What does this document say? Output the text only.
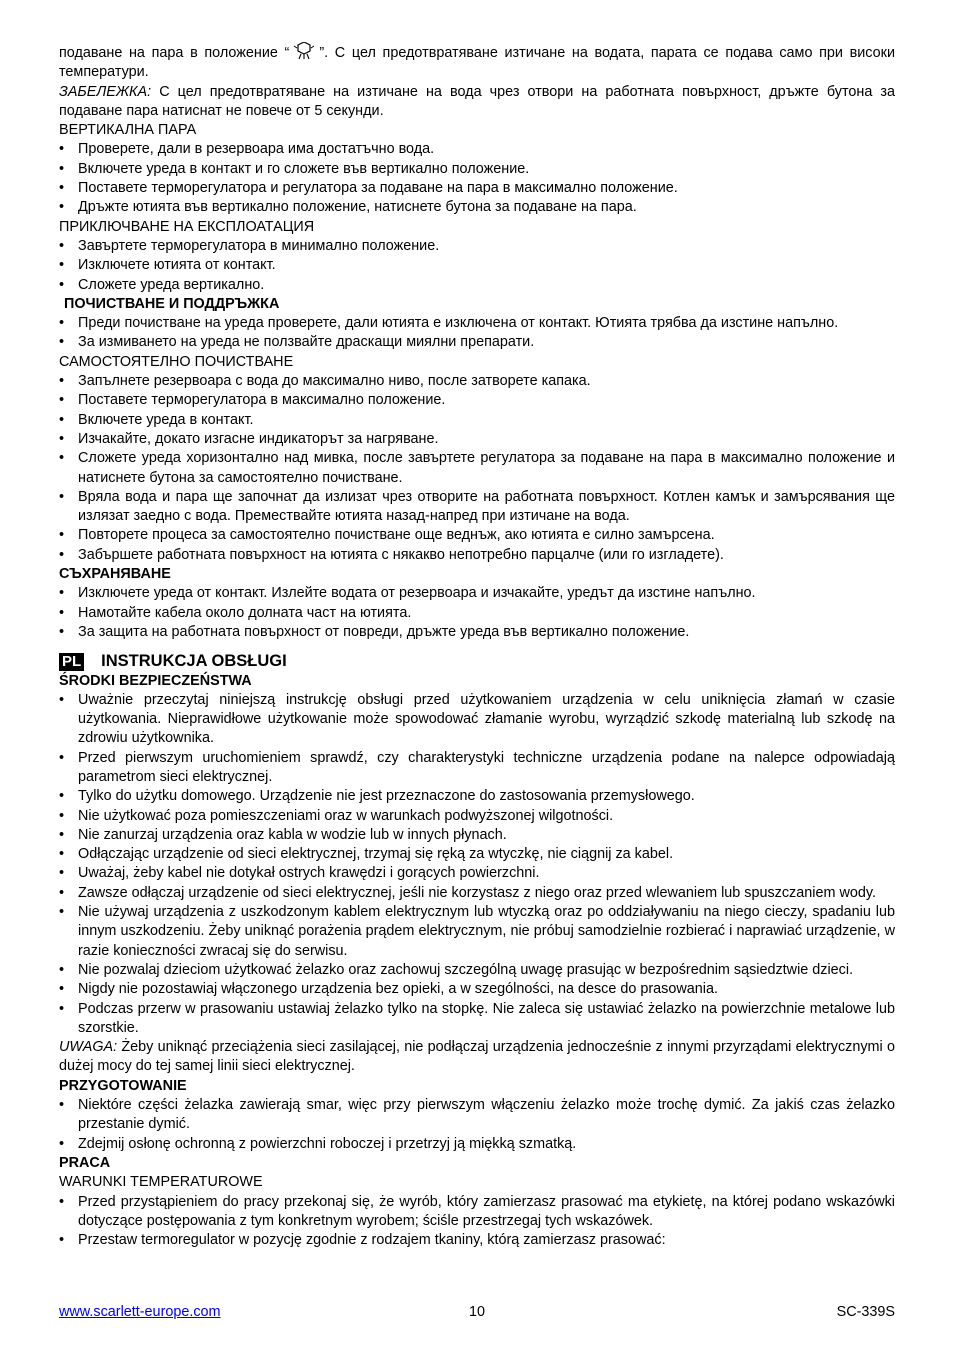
подаване на пара в положение “ ”. С цел предотвратяване изтичане на водата, парата се подава само при високи температури.

ЗАБЕЛЕЖКА: С цел предотвратяване на изтичане на вода чрез отвори на работната повърхност, дръжте бутона за подаване пара натиснат не повече от 5 секунди.

ВЕРТИКАЛНА ПАРА
• Проверете, дали в резервоара има достатъчно вода.
• Включете уреда в контакт и го сложете във вертикално положение.
• Поставете терморегулатора и регулатора за подаване на пара в максимално положение.
• Дръжте ютията във вертикално положение, натиснете бутона за подаване на пара.
ПРИКЛЮЧВАНЕ НА ЕКСПЛОАТАЦИЯ
• Завъртете терморегулатора в минимално положение.
• Изключете ютията от контакт.
• Сложете уреда вертикално.
ПОЧИСТВАНЕ И ПОДДРЪЖКА
• Преди почистване на уреда проверете, дали ютията е изключена от контакт. Ютията трябва да изстине напълно.
• За измиването на уреда не ползвайте драскащи миялни препарати.
САМОСТОЯТЕЛНО ПОЧИСТВАНЕ
• Запълнете резервоара с вода до максимално ниво, после затворете капака.
• Поставете терморегулатора в максимално положение.
• Включете уреда в контакт.
• Изчакайте, докато изгасне индикаторът за нагряване.
• Сложете уреда хоризонтално над мивка, после завъртете регулатора за подаване на пара в максимално положение и натиснете бутона за самостоятелно почистване.
• Вряла вода и пара ще започнат да излизат чрез отворите на работната повърхност. Котлен камък и замърсявания ще излязат заедно с вода. Премествайте ютията назад-напред при изтичане на вода.
• Повторете процеса за самостоятелно почистване още веднъж, ако ютията е силно замърсена.
• Забършете работната повърхност на ютията с някакво непотребно парцалче (или го изгладете).
СЪХРАНЯВАНЕ
• Изключете уреда от контакт. Излейте водата от резервоара и изчакайте, уредът да изстине напълно.
• Намотайте кабела около долната част на ютията.
• За защита на работната повърхност от повреди, дръжте уреда във вертикално положение.
PL INSTRUKCJA OBSŁUGI
ŚRODKI BEZPIECZEŃSTWA
• Uważnie przeczytaj niniejszą instrukcję obsługi przed użytkowaniem urządzenia w celu uniknięcia złamań w czasie użytkowania. Nieprawidłowe użytkowanie może spowodować złamanie wyrobu, wyrządzić szkodę materialną lub szkodę na zdrowiu użytkownika.
• Przed pierwszym uruchomieniem sprawdź, czy charakterystyki techniczne urządzenia podane na nalepce odpowiadają parametrom sieci elektrycznej.
• Tylko do użytku domowego. Urządzenie nie jest przeznaczone do zastosowania przemysłowego.
• Nie użytkować poza pomieszczeniami oraz w warunkach podwyższonej wilgotności.
• Nie zanurzaj urządzenia oraz kabla w wodzie lub w innych płynach.
• Odłączając urządzenie od sieci elektrycznej, trzymaj się ręką za wtyczkę, nie ciągnij za kabel.
• Uważaj, żeby kabel nie dotykał ostrych krawędzi i gorących powierzchni.
• Zawsze odłączaj urządzenie od sieci elektrycznej, jeśli nie korzystasz z niego oraz przed wlewaniem lub spuszczaniem wody.
• Nie używaj urządzenia z uszkodzonym kablem elektrycznym lub wtyczką oraz po oddziaływaniu na niego cieczy, spadaniu lub innym uszkodzeniu. Żeby uniknąć porażenia prądem elektrycznym, nie próbuj samodzielnie rozbierać i naprawiać urządzenie, w razie konieczności zwracaj się do serwisu.
• Nie pozwalaj dzieciom użytkować żelazko oraz zachowuj szczególną uwagę prasując w bezpośrednim sąsiedztwie dzieci.
• Nigdy nie pozostawiaj włączonego urządzenia bez opieki, a w szególności, na desce do prasowania.
• Podczas przerw w prasowaniu ustawiaj żelazko tylko na stopkę. Nie zaleca się ustawiać żelazko na powierzchnie metalowe lub szorstkie.

UWAGA: Żeby uniknąć przeciążenia sieci zasilającej, nie podłączaj urządzenia jednocześnie z innymi przyrządami elektrycznymi o dużej mocy do tej samej linii sieci elektrycznej.

PRZYGOTOWANIE
• Niektóre części żelazka zawierają smar, więc przy pierwszym włączeniu żelazko może trochę dymić. Za jakiś czas żelazko przestanie dymić.
• Zdejmij osłonę ochronną z powierzchni roboczej i przetrzyj ją miękką szmatką.
PRACA
WARUNKI TEMPERATUROWE
• Przed przystąpieniem do pracy przekonaj się, że wyrób, który zamierzasz prasować ma etykietę, na której podano wskazówki dotyczące postępowania z tym konkretnym wyrobem; ściśle przestrzegaj tych wskazówek.
• Przestaw termoregulator w pozycję zgodnie z rodzajem tkaniny, którą zamierzasz prasować:
www.scarlett-europe.com	10	SC-339S
